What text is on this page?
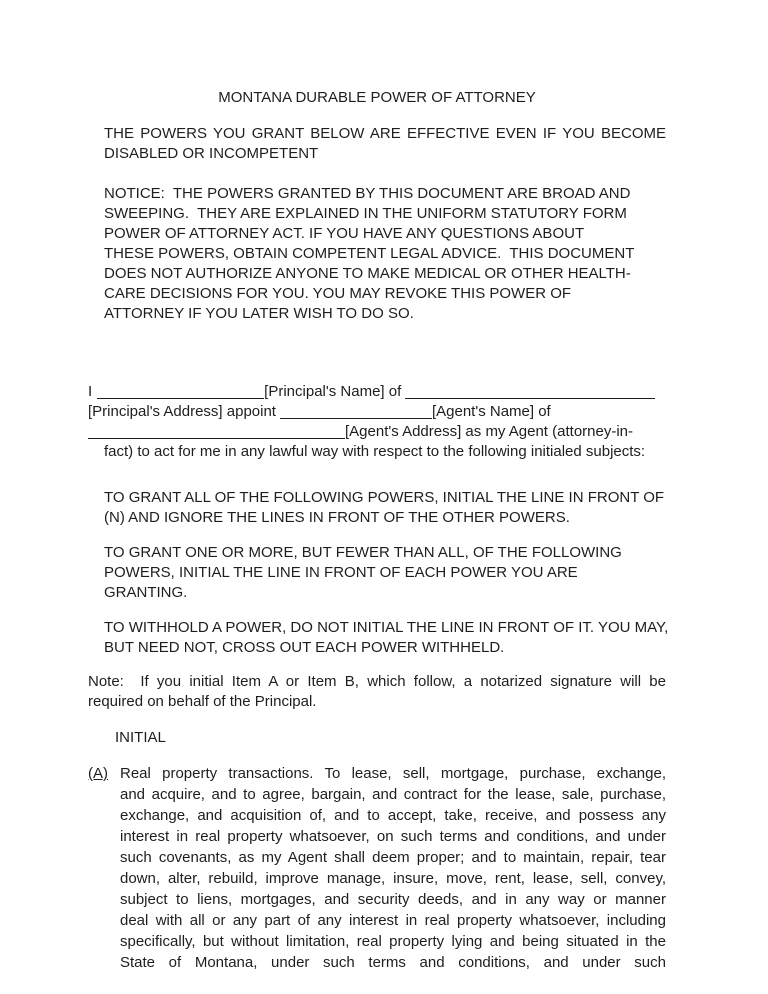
MONTANA DURABLE POWER OF ATTORNEY
THE POWERS YOU GRANT BELOW ARE EFFECTIVE EVEN IF YOU BECOME
DISABLED OR INCOMPETENT
NOTICE:  THE POWERS GRANTED BY THIS DOCUMENT ARE BROAD AND
SWEEPING.  THEY ARE EXPLAINED IN THE UNIFORM STATUTORY FORM
POWER OF ATTORNEY ACT. IF YOU HAVE ANY QUESTIONS ABOUT
THESE POWERS, OBTAIN COMPETENT LEGAL ADVICE.  THIS DOCUMENT
DOES NOT AUTHORIZE ANYONE TO MAKE MEDICAL OR OTHER HEALTH-
CARE DECISIONS FOR YOU. YOU MAY REVOKE THIS POWER OF
ATTORNEY IF YOU LATER WISH TO DO SO.
I	[Principal's Name] of
[Principal's Address] appoint	[Agent's Name] of
[Agent's Address] as my Agent (attorney-in-
fact) to act for me in any lawful way with respect to the following initialed subjects:
TO GRANT ALL OF THE FOLLOWING POWERS, INITIAL THE LINE IN FRONT OF
(N) AND IGNORE THE LINES IN FRONT OF THE OTHER POWERS.
TO GRANT ONE OR MORE, BUT FEWER THAN ALL, OF THE FOLLOWING
POWERS, INITIAL THE LINE IN FRONT OF EACH POWER YOU ARE
GRANTING.
TO WITHHOLD A POWER, DO NOT INITIAL THE LINE IN FRONT OF IT. YOU MAY,
BUT NEED NOT, CROSS OUT EACH POWER WITHHELD.
Note:  If you initial Item A or Item B, which follow, a notarized signature will be
required on behalf of the Principal.
INITIAL
(A) Real property transactions. To lease, sell, mortgage, purchase, exchange,
and acquire, and to agree, bargain, and contract for the lease, sale, purchase,
exchange, and acquisition of, and to accept, take, receive, and possess any
interest in real property whatsoever, on such terms and conditions, and under
such covenants, as my Agent shall deem proper; and to maintain, repair, tear
down, alter, rebuild, improve manage, insure, move, rent, lease, sell, convey,
subject to liens, mortgages, and security deeds, and in any way or manner
deal with all or any part of any interest in real property whatsoever, including
specifically, but without limitation, real property lying and being situated in the
State of Montana, under such terms and conditions, and under such
